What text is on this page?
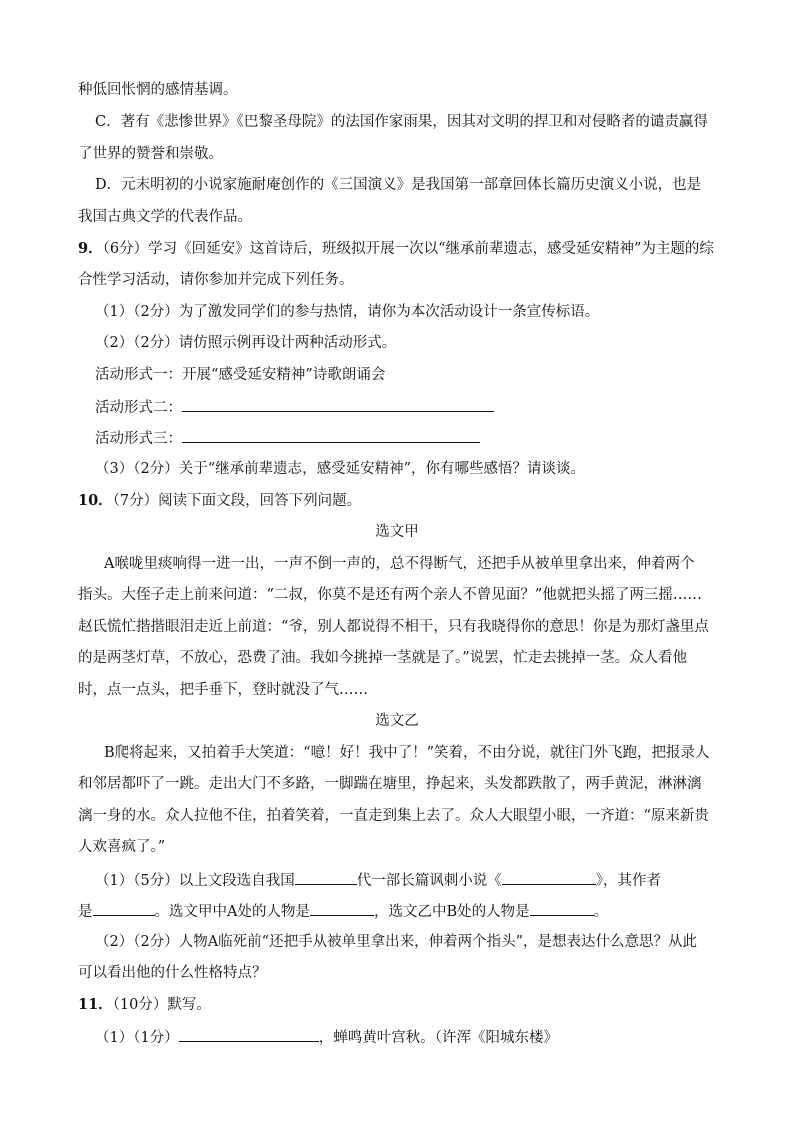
种低回怅惘的感情基调。
C．著有《悲惨世界》《巴黎圣母院》的法国作家雨果，因其对文明的捍卫和对侵略者的谴责赢得
了世界的赞誉和崇敬。
D．元末明初的小说家施耐庵创作的《三国演义》是我国第一部章回体长篇历史演义小说，也是
我国古典文学的代表作品。
9．（6分）学习《回延安》这首诗后，班级拟开展一次以“继承前辈遗志，感受延安精神”为主题的综
合性学习活动，请你参加并完成下列任务。
（1）（2分）为了激发同学们的参与热情，请你为本次活动设计一条宣传标语。
（2）（2分）请仿照示例再设计两种活动形式。
活动形式一：开展“感受延安精神”诗歌朗诵会
活动形式二：
活动形式三：
（3）（2分）关于“继承前辈遗志，感受延安精神”，你有哪些感悟？请谈谈。
10．（7分）阅读下面文段，回答下列问题。
选文甲
A喉咙里痰响得一进一出，一声不倒一声的，总不得断气，还把手从被单里拿出来，伸着两个
指头。大侄子走上前来问道：“二叔，你莫不是还有两个亲人不曾见面？”他就把头摇了两三摇……
赵氏慌忙揩揩眼泪走近上前道：“爷，别人都说得不相干，只有我晓得你的意思！你是为那灯盏里点
的是两茎灯草，不放心，恐费了油。我如今挑掉一茎就是了。”说罢，忙走去挑掉一茎。众人看他
时，点一点头，把手垂下，登时就没了气……
选文乙
B爬将起来，又拍着手大笑道：“噫！好！我中了！”笑着，不由分说，就往门外飞跑，把报录人
和邻居都吓了一跳。走出大门不多路，一脚踹在塘里，挣起来，头发都跌散了，两手黄泥，淋淋漓
漓一身的水。众人拉他不住，拍着笑着，一直走到集上去了。众人大眼望小眼，一齐道：“原来新贵
人欢喜疯了。”
（1）（5分）以上文段选自我国	代一部长篇讽刺小说《	》，其作者
是	。选文甲中A处的人物是	，选文乙中B处的人物是	。
（2）（2分）人物A临死前“还把手从被单里拿出来，伸着两个指头”，是想表达什么意思？从此
可以看出他的什么性格特点？
11．（10分）默写。
（1）（1分）	，蝉鸣黄叶宫秋。（许浑《阳城东楼》
